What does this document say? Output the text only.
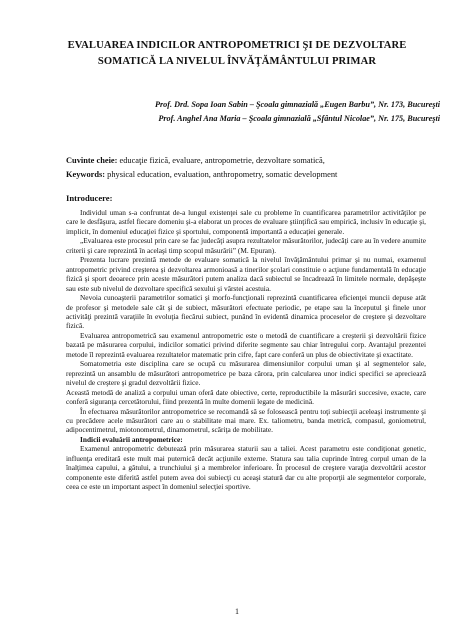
EVALUAREA INDICILOR ANTROPOMETRICI ŞI DE DEZVOLTARE
SOMATICĂ LA NIVELUL ÎNVĂŢĂMÂNTULUI PRIMAR
Prof. Drd. Sopa Ioan Sabin – Şcoala gimnazială „Eugen Barbu”, Nr. 173, Bucureşti
Prof. Anghel Ana Maria – Şcoala gimnazială „Sfântul Nicolae”, Nr. 175, Bucureşti
Cuvinte cheie: educaţie fizică, evaluare, antropometrie, dezvoltare somatică,
Keywords: physical education, evaluation, anthropometry, somatic development
Introducere:

Individul uman s-a confruntat de-a lungul existenţei sale cu probleme în cuantificarea parametrilor activităţilor pe care le desfăşura, astfel fiecare domeniu şi-a elaborat un proces de evaluare ştiinţifică sau empirică, inclusiv în educaţie şi, implicit, în domeniul educaţiei fizice şi sportului, componentă importantă a educaţiei generale.

„Evaluarea este procesul prin care se fac judecăţi asupra rezultatelor măsurătorilor, judecăţi care au în vedere anumite criterii şi care reprezintă în acelaşi timp scopul măsurării” (M. Epuran).

Prezenta lucrare prezintă metode de evaluare somatică la nivelul învăţământului primar şi nu numai, examenul antropometric privind creşterea şi dezvoltarea armonioasă a tinerilor şcolari constituie o acţiune fundamentală în educaţie fizică şi sport deoarece prin aceste măsurători putem analiza dacă subiectul se încadrează în limitele normale, depăşeşte sau este sub nivelul de dezvoltare specifică sexului şi vârstei acestuia.

Nevoia cunoaşterii parametrilor somatici şi morfo-funcţionali reprezintă cuantificarea eficienţei muncii depuse atât de profesor şi metodele sale cât şi de subiect, măsurători efectuate periodic, pe etape sau la începutul şi finele unor activităţi prezintă varaţiile în evoluţia fiecărui subiect, punând în evidentă dinamica proceselor de creştere şi dezvoltare fizică.

Evaluarea antropometrică sau examenul antropometric este o metodă de cuantificare a creşterii şi dezvoltării fizice bazată pe măsurarea corpului, indicilor somatici privind diferite segmente sau chiar întregului corp. Avantajul prezentei metode îl reprezintă evaluarea rezultatelor matematic prin cifre, fapt care conferă un plus de obiectivitate şi exactitate.

Somatometria este disciplina care se ocupă cu măsurarea dimensiunilor corpului uman şi al segmentelor sale, reprezintă un ansamblu de măsurători antropometrice pe baza cărora, prin calcularea unor indici specifici se apreciează nivelul de creştere şi gradul dezvoltării fizice.

Această metodă de analiză a corpului uman oferă date obiective, certe, reproductibile la măsurări succesive, exacte, care conferă siguranţa cercetătorului, fiind prezentă în multe domenii legate de medicină.

În efectuarea măsurătorilor antropometrice se recomandă să se folosească pentru toţi subiecţii aceleaşi instrumente şi cu precădere acele măsurători care au o stabilitate mai mare. Ex. taliometru, banda metrică, compasul, goniometrul, adipocentimetrul, miotonometrul, dinamometrul, scăriţa de mobilitate.

Indicii evaluării antropometrice:

Examenul antropometric debutează prin măsurarea staturii sau a taliei. Acest parametru este condiţionat genetic, influenţa ereditară este mult mai puternică decât acţiunile externe. Statura sau talia cuprinde întreg corpul uman de la înalţimea capului, a gâtului, a trunchiului şi a membrelor inferioare. În procesul de creştere varaţia dezvoltării acestor componente este diferită astfel putem avea doi subiecţi cu aceaşi statură dar cu alte proporţii ale segmentelor corporale, ceea ce este un important aspect în domeniul selecţiei sportive.

1
